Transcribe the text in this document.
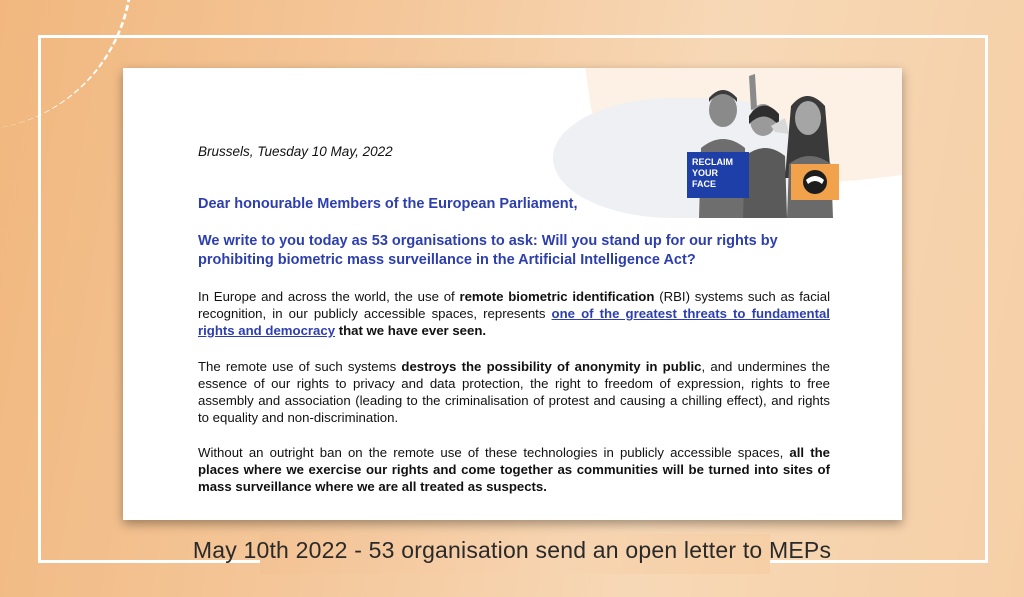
RECLAIM YOUR FACE
Brussels, Tuesday 10 May, 2022
Dear honourable Members of the European Parliament,
We write to you today as 53 organisations to ask: Will you stand up for our rights by prohibiting biometric mass surveillance in the Artificial Intelligence Act?
In Europe and across the world, the use of remote biometric identification (RBI) systems such as facial recognition, in our publicly accessible spaces, represents one of the greatest threats to fundamental rights and democracy that we have ever seen.
The remote use of such systems destroys the possibility of anonymity in public, and undermines the essence of our rights to privacy and data protection, the right to freedom of expression, rights to free assembly and association (leading to the criminalisation of protest and causing a chilling effect), and rights to equality and non-discrimination.
Without an outright ban on the remote use of these technologies in publicly accessible spaces, all the places where we exercise our rights and come together as communities will be turned into sites of mass surveillance where we are all treated as suspects.
May 10th 2022 - 53 organisation send an open letter to MEPs
